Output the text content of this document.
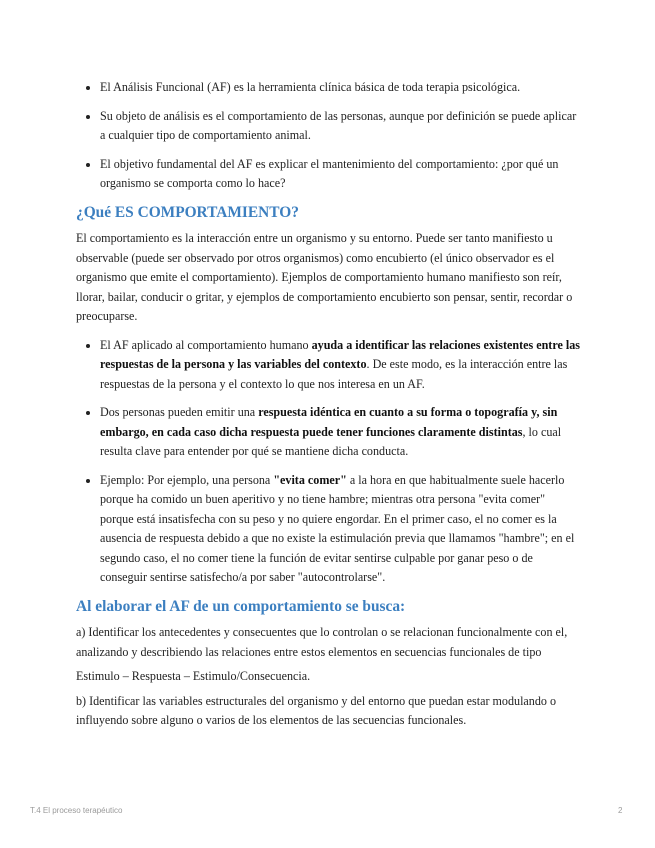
El Análisis Funcional (AF) es la herramienta clínica básica de toda terapia psicológica.
Su objeto de análisis es el comportamiento de las personas, aunque por definición se puede aplicar a cualquier tipo de comportamiento animal.
El objetivo fundamental del AF es explicar el mantenimiento del comportamiento: ¿por qué un organismo se comporta como lo hace?
¿Qué ES COMPORTAMIENTO?

El comportamiento es la interacción entre un organismo y su entorno. Puede ser tanto manifiesto u observable (puede ser observado por otros organismos) como encubierto (el único observador es el organismo que emite el comportamiento). Ejemplos de comportamiento humano manifiesto son reír, llorar, bailar, conducir o gritar, y ejemplos de comportamiento encubierto son pensar, sentir, recordar o preocuparse.

El AF aplicado al comportamiento humano ayuda a identificar las relaciones existentes entre las respuestas de la persona y las variables del contexto. De este modo, es la interacción entre las respuestas de la persona y el contexto lo que nos interesa en un AF.
Dos personas pueden emitir una respuesta idéntica en cuanto a su forma o topografía y, sin embargo, en cada caso dicha respuesta puede tener funciones claramente distintas, lo cual resulta clave para entender por qué se mantiene dicha conducta.
Ejemplo: Por ejemplo, una persona "evita comer" a la hora en que habitualmente suele hacerlo porque ha comido un buen aperitivo y no tiene hambre; mientras otra persona "evita comer" porque está insatisfecha con su peso y no quiere engordar. En el primer caso, el no comer es la ausencia de respuesta debido a que no existe la estimulación previa que llamamos "hambre"; en el segundo caso, el no comer tiene la función de evitar sentirse culpable por ganar peso o de conseguir sentirse satisfecho/a por saber "autocontrolarse".
Al elaborar el AF de un comportamiento se busca:

a) Identificar los antecedentes y consecuentes que lo controlan o se relacionan funcionalmente con el, analizando y describiendo las relaciones entre estos elementos en secuencias funcionales de tipo

Estimulo – Respuesta – Estimulo/Consecuencia.

b) Identificar las variables estructurales del organismo y del entorno que puedan estar modulando o influyendo sobre alguno o varios de los elementos de las secuencias funcionales.

T.4 El proceso terapéutico	2
